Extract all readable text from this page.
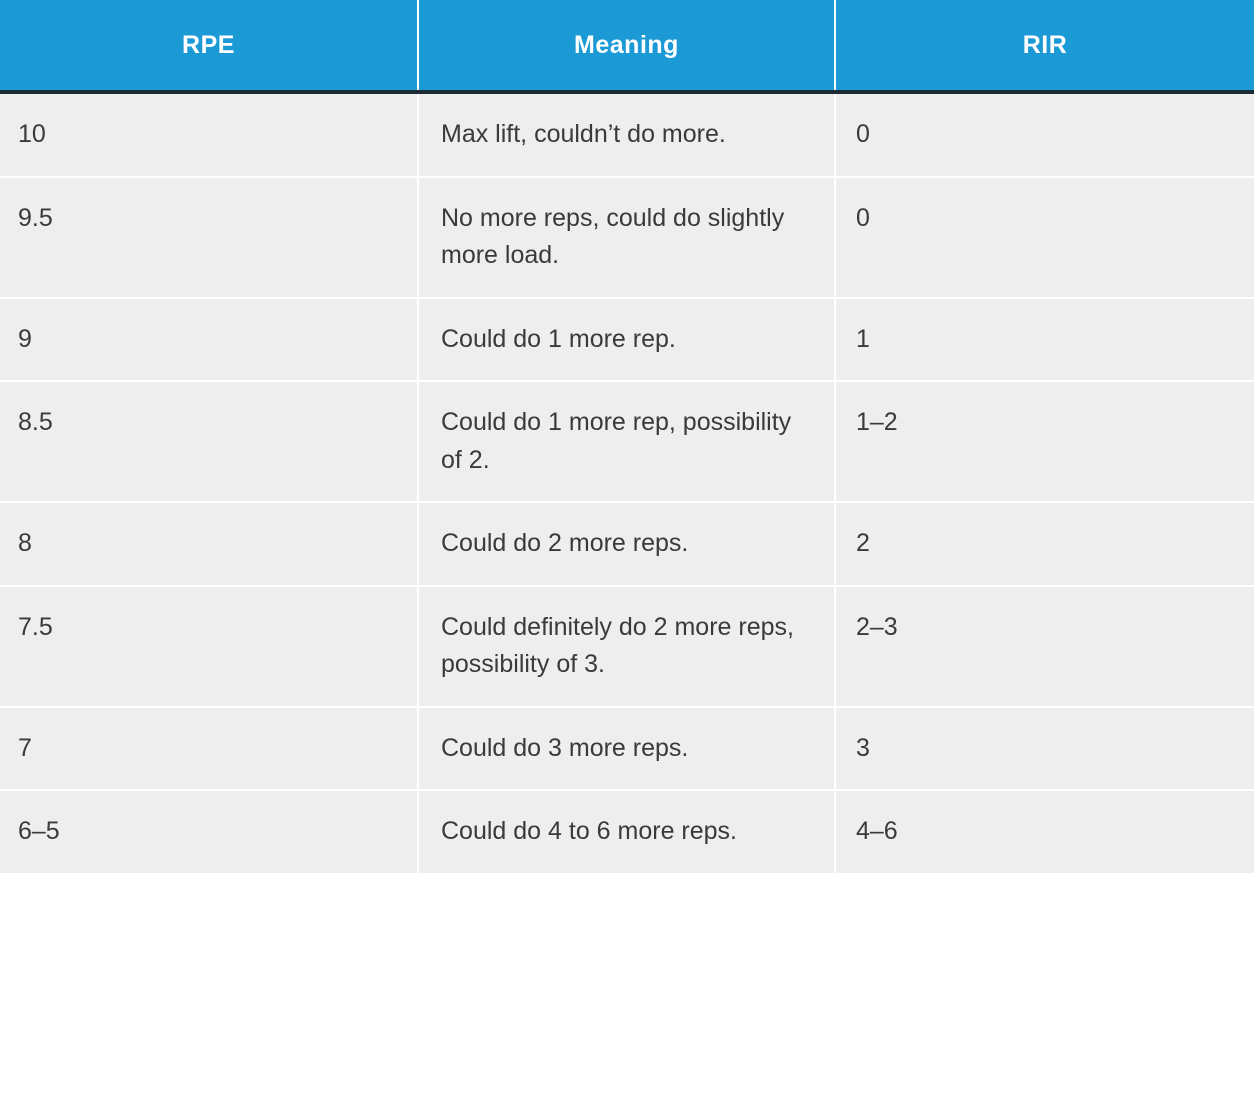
RPE	Meaning	RIR
10	Max lift, couldn’t do more.	0
9.5	No more reps, could do slightly more load.	0
9	Could do 1 more rep.	1
8.5	Could do 1 more rep, possibility of 2.	1–2
8	Could do 2 more reps.	2
7.5	Could definitely do 2 more reps, possibility of 3.	2–3
7	Could do 3 more reps.	3
6–5	Could do 4 to 6 more reps.	4–6
